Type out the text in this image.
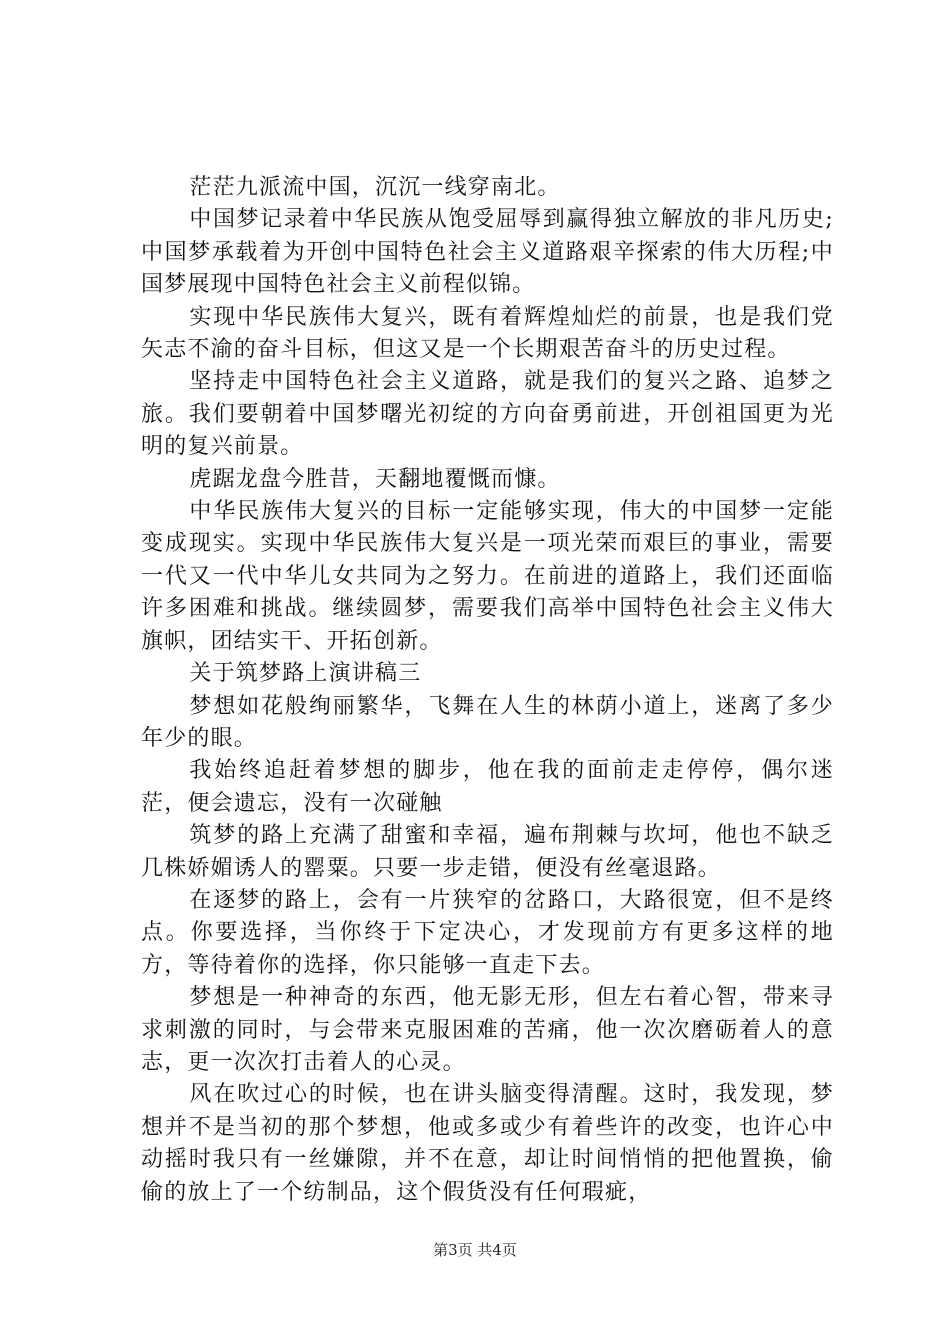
茫茫九派流中国，沉沉一线穿南北。

中国梦记录着中华民族从饱受屈辱到赢得独立解放的非凡历史;中国梦承载着为开创中国特色社会主义道路艰辛探索的伟大历程;中国梦展现中国特色社会主义前程似锦。

实现中华民族伟大复兴，既有着辉煌灿烂的前景，也是我们党矢志不渝的奋斗目标，但这又是一个长期艰苦奋斗的历史过程。

坚持走中国特色社会主义道路，就是我们的复兴之路、追梦之旅。我们要朝着中国梦曙光初绽的方向奋勇前进，开创祖国更为光明的复兴前景。

虎踞龙盘今胜昔，天翻地覆慨而慷。

中华民族伟大复兴的目标一定能够实现，伟大的中国梦一定能变成现实。实现中华民族伟大复兴是一项光荣而艰巨的事业，需要一代又一代中华儿女共同为之努力。在前进的道路上，我们还面临许多困难和挑战。继续圆梦，需要我们高举中国特色社会主义伟大旗帜，团结实干、开拓创新。

关于筑梦路上演讲稿三

梦想如花般绚丽繁华，飞舞在人生的林荫小道上，迷离了多少年少的眼。

我始终追赶着梦想的脚步，他在我的面前走走停停，偶尔迷茫，便会遗忘，没有一次碰触

筑梦的路上充满了甜蜜和幸福，遍布荆棘与坎坷，他也不缺乏几株娇媚诱人的罂粟。只要一步走错，便没有丝毫退路。

在逐梦的路上，会有一片狭窄的岔路口，大路很宽，但不是终点。你要选择，当你终于下定决心，才发现前方有更多这样的地方，等待着你的选择，你只能够一直走下去。

梦想是一种神奇的东西，他无影无形，但左右着心智，带来寻求刺激的同时，与会带来克服困难的苦痛，他一次次磨砺着人的意志，更一次次打击着人的心灵。

风在吹过心的时候，也在讲头脑变得清醒。这时，我发现，梦想并不是当初的那个梦想，他或多或少有着些许的改变，也许心中动摇时我只有一丝嫌隙，并不在意，却让时间悄悄的把他置换，偷偷的放上了一个纺制品，这个假货没有任何瑕疵，

第3页 共4页
